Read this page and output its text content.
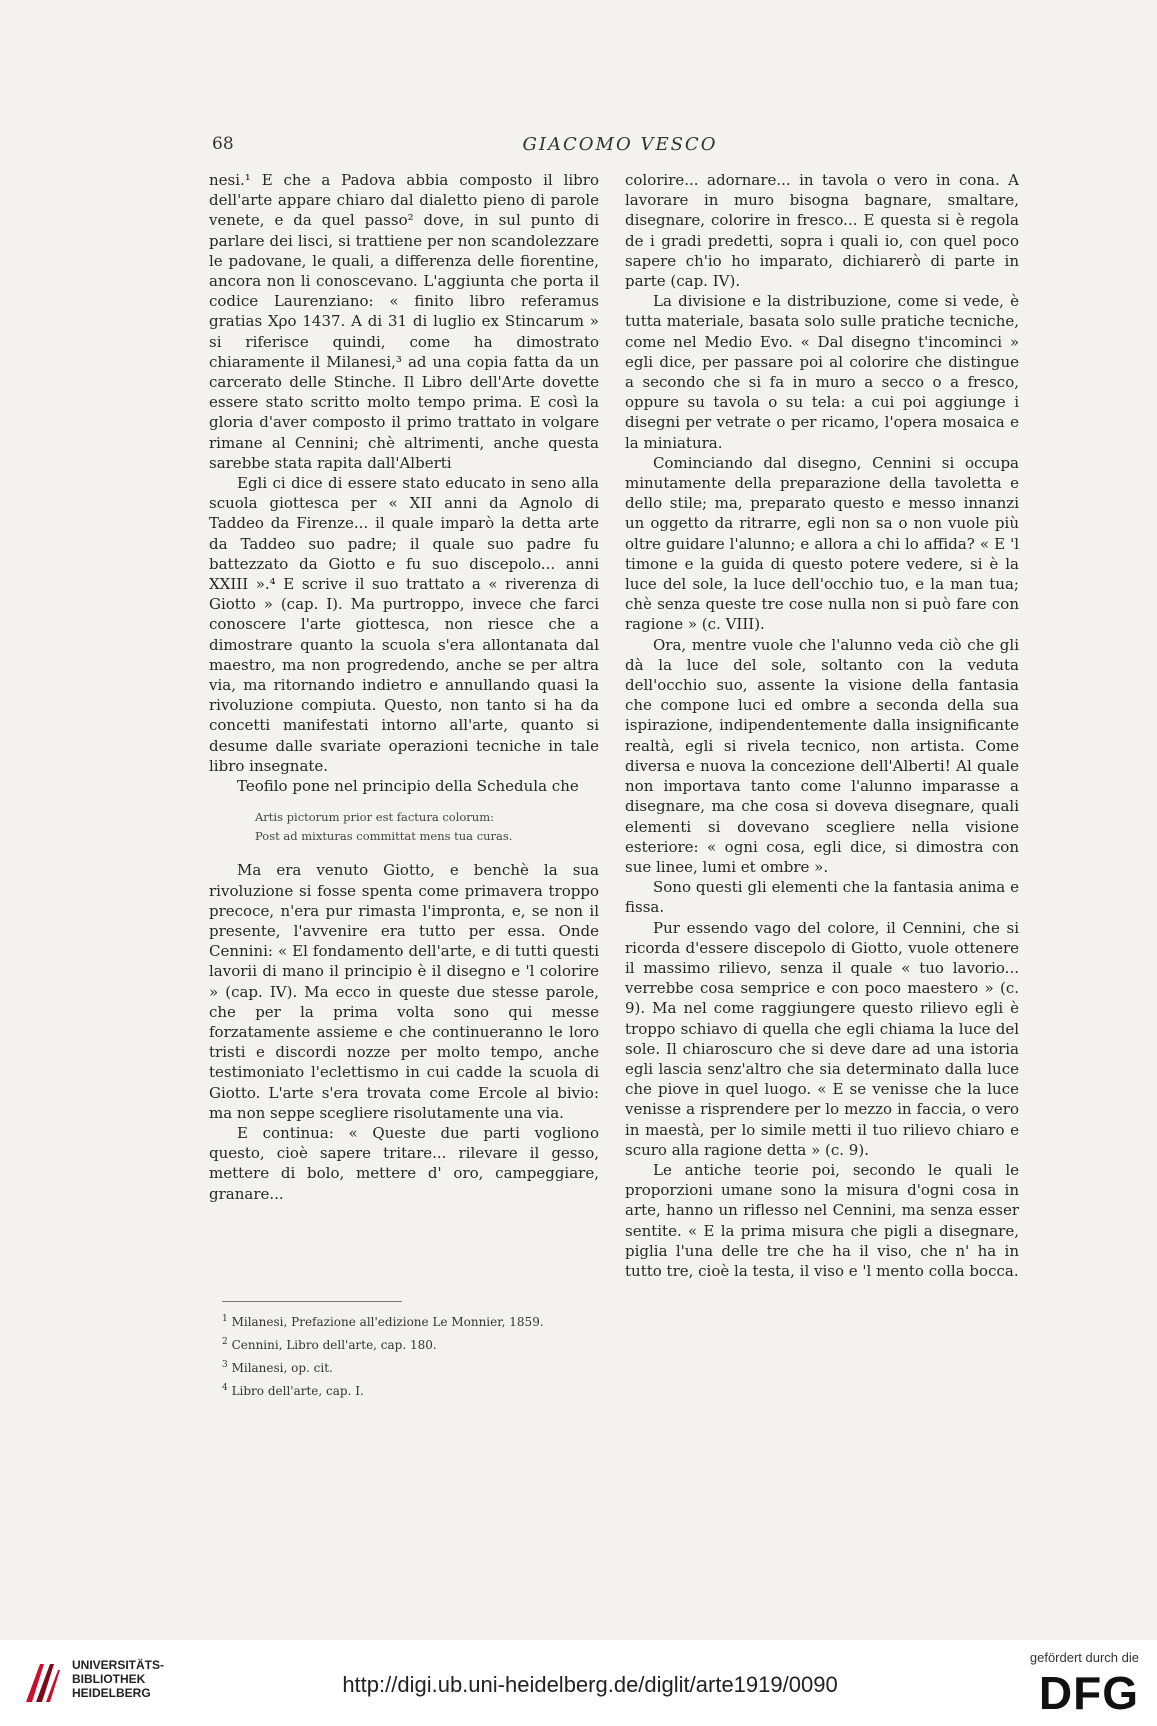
68	GIACOMO VESCO

nesi.¹ E che a Padova abbia composto il libro dell'arte appare chiaro dal dialetto pieno di parole venete, e da quel passo² dove, in sul punto di parlare dei lisci, si trattiene per non scandolezzare le padovane, le quali, a differenza delle fiorentine, ancora non li conoscevano. L'aggiunta che porta il codice Laurenziano: « finito libro referamus gratias Xρo 1437. A di 31 di luglio ex Stincarum » si riferisce quindi, come ha dimostrato chiaramente il Milanesi,³ ad una copia fatta da un carcerato delle Stinche. Il Libro dell'Arte dovette essere stato scritto molto tempo prima. E così la gloria d'aver composto il primo trattato in volgare rimane al Cennini; chè altrimenti, anche questa sarebbe stata rapita dall'Alberti

Egli ci dice di essere stato educato in seno alla scuola giottesca per « XII anni da Agnolo di Taddeo da Firenze... il quale imparò la detta arte da Taddeo suo padre; il quale suo padre fu battezzato da Giotto e fu suo discepolo... anni XXIII ».⁴ E scrive il suo trattato a « riverenza di Giotto » (cap. I). Ma purtroppo, invece che farci conoscere l'arte giottesca, non riesce che a dimostrare quanto la scuola s'era allontanata dal maestro, ma non progredendo, anche se per altra via, ma ritornando indietro e annullando quasi la rivoluzione compiuta. Questo, non tanto si ha da concetti manifestati intorno all'arte, quanto si desume dalle svariate operazioni tecniche in tale libro insegnate.

Teofilo pone nel principio della Schedula che

Artis pictorum prior est factura colorum:
Post ad mixturas committat mens tua curas.

Ma era venuto Giotto, e benchè la sua rivoluzione si fosse spenta come primavera troppo precoce, n'era pur rimasta l'impronta, e, se non il presente, l'avvenire era tutto per essa. Onde Cennini: « El fondamento dell'arte, e di tutti questi lavorii di mano il principio è il disegno e 'l colorire » (cap. IV). Ma ecco in queste due stesse parole, che per la prima volta sono qui messe forzatamente assieme e che continueranno le loro tristi e discordi nozze per molto tempo, anche testimoniato l'eclettismo in cui cadde la scuola di Giotto. L'arte s'era trovata come Ercole al bivio: ma non seppe scegliere risolutamente una via.

E continua: « Queste due parti vogliono questo, cioè sapere tritare... rilevare il gesso, mettere di bolo, mettere d' oro, campeggiare, granare...

colorire... adornare... in tavola o vero in cona. A lavorare in muro bisogna bagnare, smaltare, disegnare, colorire in fresco... E questa si è regola de i gradi predetti, sopra i quali io, con quel poco sapere ch'io ho imparato, dichiarerò di parte in parte (cap. IV).

La divisione e la distribuzione, come si vede, è tutta materiale, basata solo sulle pratiche tecniche, come nel Medio Evo. « Dal disegno t'incominci » egli dice, per passare poi al colorire che distingue a secondo che si fa in muro a secco o a fresco, oppure su tavola o su tela: a cui poi aggiunge i disegni per vetrate o per ricamo, l'opera mosaica e la miniatura.

Cominciando dal disegno, Cennini si occupa minutamente della preparazione della tavoletta e dello stile; ma, preparato questo e messo innanzi un oggetto da ritrarre, egli non sa o non vuole più oltre guidare l'alunno; e allora a chi lo affida? « E 'l timone e la guida di questo potere vedere, si è la luce del sole, la luce dell'occhio tuo, e la man tua; chè senza queste tre cose nulla non si può fare con ragione » (c. VIII).

Ora, mentre vuole che l'alunno veda ciò che gli dà la luce del sole, soltanto con la veduta dell'occhio suo, assente la visione della fantasia che compone luci ed ombre a seconda della sua ispirazione, indipendentemente dalla insignificante realtà, egli si rivela tecnico, non artista. Come diversa e nuova la concezione dell'Alberti! Al quale non importava tanto come l'alunno imparasse a disegnare, ma che cosa si doveva disegnare, quali elementi si dovevano scegliere nella visione esteriore: « ogni cosa, egli dice, si dimostra con sue linee, lumi et ombre ».

Sono questi gli elementi che la fantasia anima e fissa.

Pur essendo vago del colore, il Cennini, che si ricorda d'essere discepolo di Giotto, vuole ottenere il massimo rilievo, senza il quale « tuo lavorio... verrebbe cosa semprice e con poco maestero » (c. 9). Ma nel come raggiungere questo rilievo egli è troppo schiavo di quella che egli chiama la luce del sole. Il chiaroscuro che si deve dare ad una istoria egli lascia senz'altro che sia determinato dalla luce che piove in quel luogo. « E se venisse che la luce venisse a risprendere per lo mezzo in faccia, o vero in maestà, per lo simile metti il tuo rilievo chiaro e scuro alla ragione detta » (c. 9).

Le antiche teorie poi, secondo le quali le proporzioni umane sono la misura d'ogni cosa in arte, hanno un riflesso nel Cennini, ma senza esser sentite. « E la prima misura che pigli a disegnare, piglia l'una delle tre che ha il viso, che n' ha in tutto tre, cioè la testa, il viso e 'l mento colla bocca.

$^1$ Milanesi, Prefazione all'edizione Le Monnier, 1859.
$^2$ Cennini, Libro dell'arte, cap. 180.
$^3$ Milanesi, op. cit.
$^4$ Libro dell'arte, cap. I.
UNIVERSITÄTS-
BIBLIOTHEK
HEIDELBERG	http://digi.ub.uni-heidelberg.de/diglit/arte1919/0090
gefördert durch die
DFG
